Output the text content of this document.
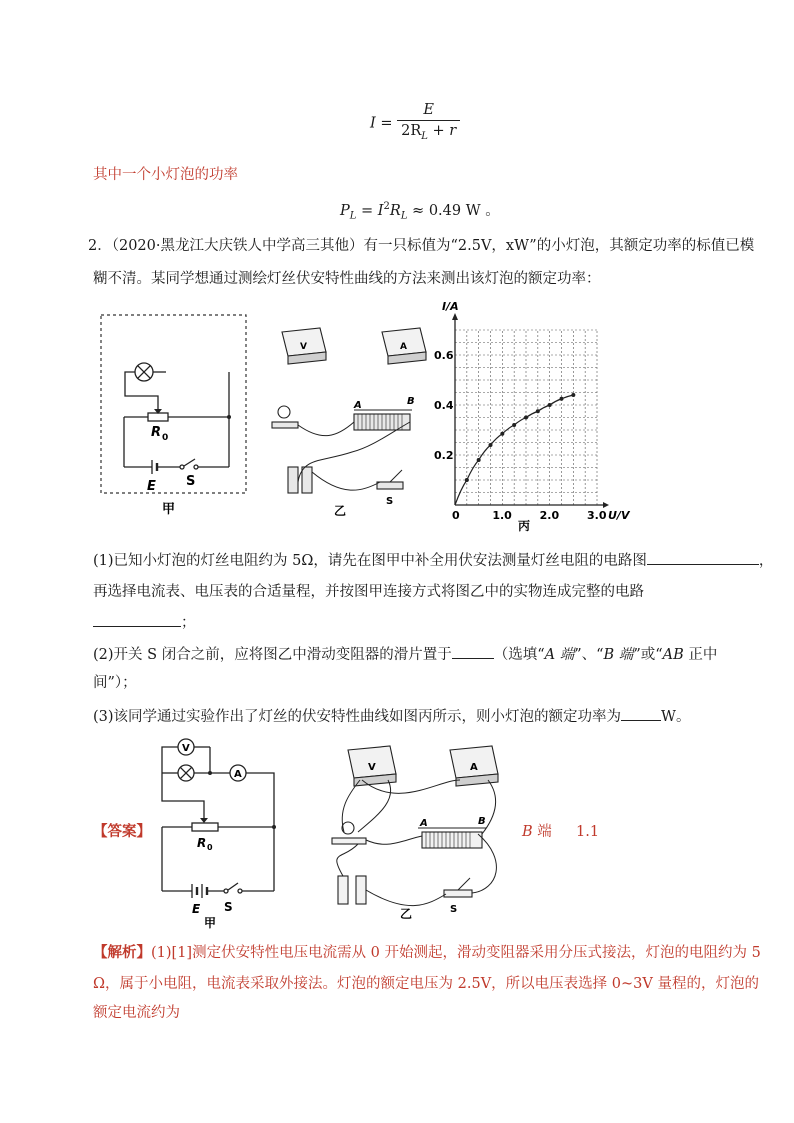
$I = \frac{E}{2R_L + r}$
其中一个小灯泡的功率
$P_L = I^2R_L \approx 0.49$ W 。
2．（2020·黑龙江大庆铁人中学高三其他）有一只标值为“2.5V，xW”的小灯泡，其额定功率的标值已模
糊不清。某同学想通过测绘灯丝伏安特性曲线的方法来测出该灯泡的额定功率：
R 0
E S
甲
V	A
A	B
S
乙	0	1.0	2.0	3.0
0.2
0.4
0.6
I/A
U/V
丙
(1)已知小灯泡的灯丝电阻约为 5Ω，请先在图甲中补全用伏安法测量灯丝电阻的电路图	，
再选择电流表、电压表的合适量程，并按图甲连接方式将图乙中的实物连成完整的电路
；
(2)开关 S 闭合之前，应将图乙中滑动变阻器的滑片置于	（选填“A 端”、“B 端”或“AB 正中
间”）；
(3)该同学通过实验作出了灯丝的伏安特性曲线如图丙所示，则小灯泡的额定功率为	W。
【答案】
V
A
R 0
E S
甲
V	A
A	B
S
乙
B 端 1.1
【解析】(1)[1]测定伏安特性电压电流需从 0 开始测起，滑动变阻器采用分压式接法，灯泡的电阻约为 5
Ω，属于小电阻，电流表采取外接法。灯泡的额定电压为 2.5V，所以电压表选择 0~3V 量程的，灯泡的
额定电流约为
